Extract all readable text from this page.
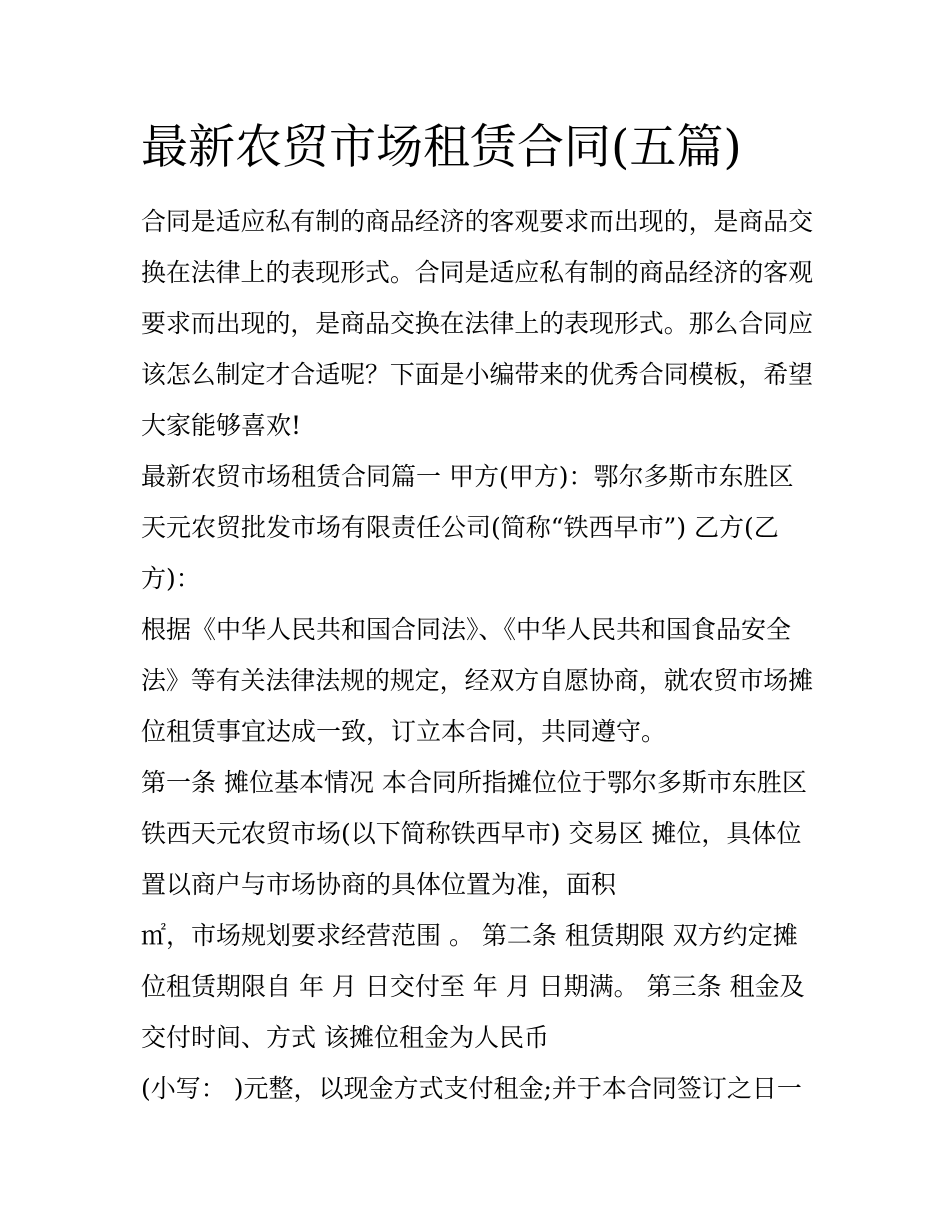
最新农贸市场租赁合同(五篇)

合同是适应私有制的商品经济的客观要求而出现的，是商品交

换在法律上的表现形式。合同是适应私有制的商品经济的客观

要求而出现的，是商品交换在法律上的表现形式。那么合同应

该怎么制定才合适呢？下面是小编带来的优秀合同模板，希望

大家能够喜欢!

最新农贸市场租赁合同篇一 甲方(甲方)：鄂尔多斯市东胜区

天元农贸批发市场有限责任公司(简称“铁西早市”) 乙方(乙

方)：

根据《中华人民共和国合同法》、《中华人民共和国食品安全

法》等有关法律法规的规定，经双方自愿协商，就农贸市场摊

位租赁事宜达成一致，订立本合同，共同遵守。

第一条 摊位基本情况 本合同所指摊位位于鄂尔多斯市东胜区

铁西天元农贸市场(以下简称铁西早市) 交易区 摊位，具体位

置以商户与市场协商的具体位置为准，面积

㎡，市场规划要求经营范围 。 第二条 租赁期限 双方约定摊

位租赁期限自 年 月 日交付至 年 月 日期满。 第三条 租金及

交付时间、方式 该摊位租金为人民币

(小写： )元整，以现金方式支付租金;并于本合同签订之日一
